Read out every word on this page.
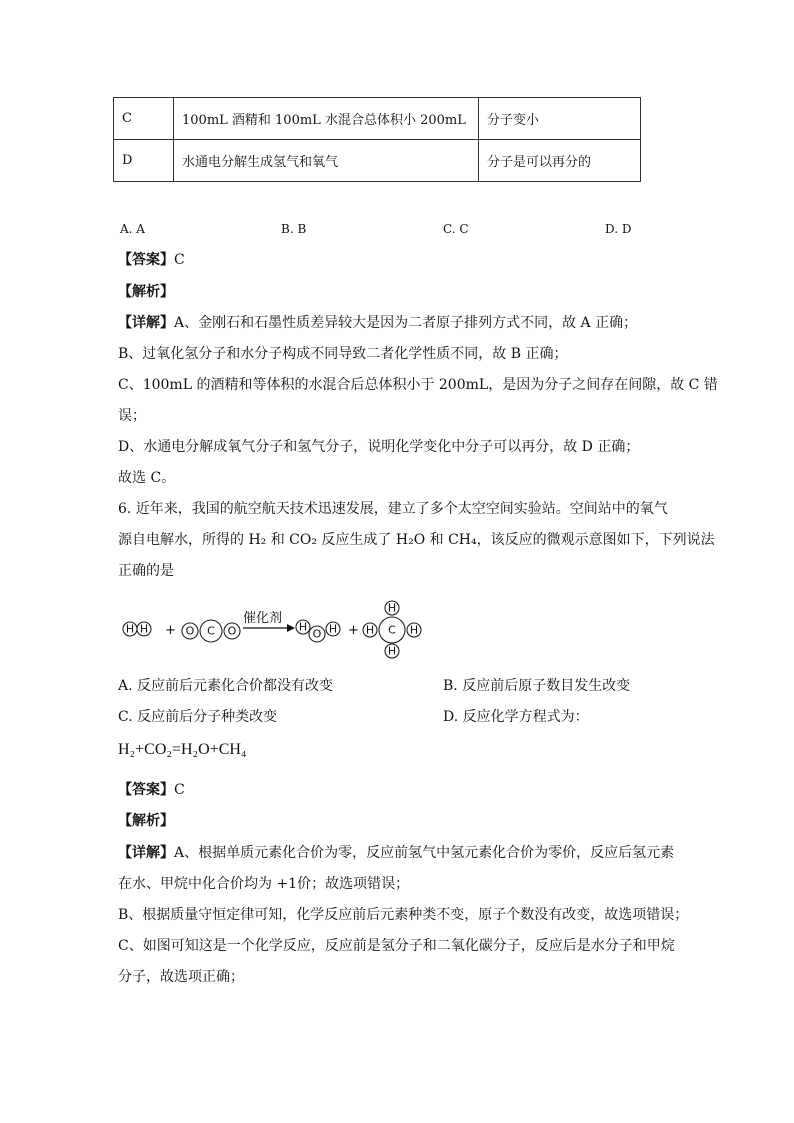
C	100mL 酒精和 100mL 水混合总体积小 200mL	分子变小
D	水通电分解生成氢气和氧气	分子是可以再分的
A. A	B. B	C. C	D. D
【答案】C
【解析】
【详解】A、金刚石和石墨性质差异较大是因为二者原子排列方式不同，故 A 正确；
B、过氧化氢分子和水分子构成不同导致二者化学性质不同，故 B 正确；
C、100mL 的酒精和等体积的水混合后总体积小于 200mL，是因为分子之间存在间隙，故 C 错
误；
D、水通电分解成氧气分子和氢气分子，说明化学变化中分子可以再分，故 D 正确；
故选 C。
6. 近年来，我国的航空航天技术迅速发展，建立了多个太空空间实验站。空间站中的氧气
源自电解水，所得的 H₂ 和 CO₂ 反应生成了 H₂O 和 CH₄，该反应的微观示意图如下，下列说法
正确的是
H H + O C O
催化剂
H
O H +
H
H C H
H
A. 反应前后元素化合价都没有改变	B. 反应前后原子数目发生改变
C. 反应前后分子种类改变	D. 反应化学方程式为：
H₂+CO₂=H₂O+CH₄
【答案】C
【解析】
【详解】A、根据单质元素化合价为零，反应前氢气中氢元素化合价为零价，反应后氢元素
在水、甲烷中化合价均为 +1价；故选项错误；
B、根据质量守恒定律可知，化学反应前后元素种类不变，原子个数没有改变，故选项错误；
C、如图可知这是一个化学反应，反应前是氢分子和二氧化碳分子，反应后是水分子和甲烷
分子，故选项正确；
